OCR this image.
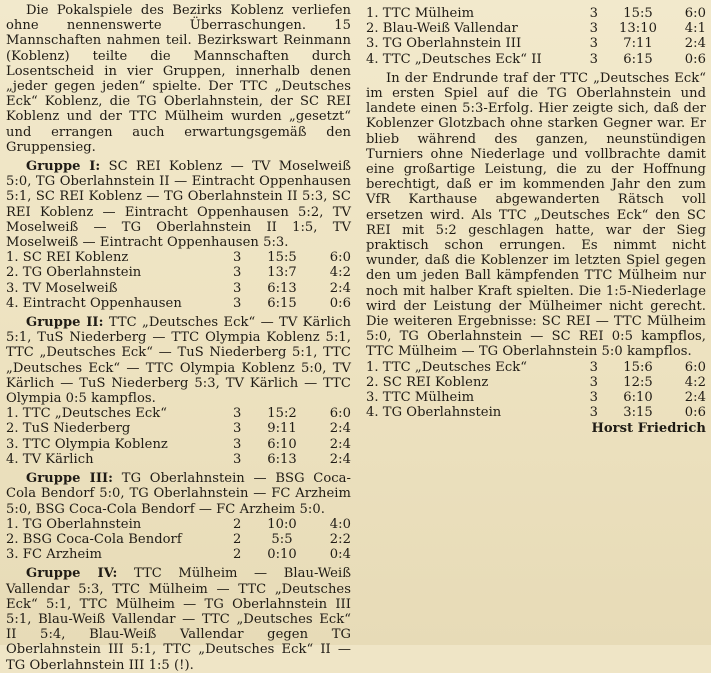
Die Pokalspiele des Bezirks Koblenz verliefen ohne nennenswerte Überraschungen. 15 Mannschaften nahmen teil. Bezirkswart Reinmann (Koblenz) teilte die Mannschaften durch Losentscheid in vier Gruppen, innerhalb denen „jeder gegen jeden“ spielte. Der TTC „Deutsches Eck“ Koblenz, die TG Oberlahnstein, der SC REI Koblenz und der TTC Mülheim wurden „gesetzt“ und errangen auch erwartungsgemäß den Gruppensieg.

Gruppe I: SC REI Koblenz — TV Moselweiß 5:0, TG Oberlahnstein II — Eintracht Oppenhausen 5:1, SC REI Koblenz — TG Oberlahnstein II 5:3, SC REI Koblenz — Eintracht Oppenhausen 5:2, TV Moselweiß — TG Oberlahnstein II 1:5, TV Moselweiß — Eintracht Oppenhausen 5:3.

1. SC REI Koblenz	3	15:5	6:0
2. TG Oberlahnstein	3	13:7	4:2
3. TV Moselweiß	3	6:13	2:4
4. Eintracht Oppenhausen	3	6:15	0:6

Gruppe II: TTC „Deutsches Eck“ — TV Kärlich 5:1, TuS Niederberg — TTC Olympia Koblenz 5:1, TTC „Deutsches Eck“ — TuS Niederberg 5:1, TTC „Deutsches Eck“ — TTC Olympia Koblenz 5:0, TV Kärlich — TuS Niederberg 5:3, TV Kärlich — TTC Olympia 0:5 kampflos.

1. TTC „Deutsches Eck“	3	15:2	6:0
2. TuS Niederberg	3	9:11	2:4
3. TTC Olympia Koblenz	3	6:10	2:4
4. TV Kärlich	3	6:13	2:4

Gruppe III: TG Oberlahnstein — BSG Coca-Cola Bendorf 5:0, TG Oberlahnstein — FC Arzheim 5:0, BSG Coca-Cola Bendorf — FC Arzheim 5:0.

1. TG Oberlahnstein	2	10:0	4:0
2. BSG Coca-Cola Bendorf	2	5:5	2:2
3. FC Arzheim	2	0:10	0:4

Gruppe IV: TTC Mülheim — Blau-Weiß Vallendar 5:3, TTC Mülheim — TTC „Deutsches Eck“ 5:1, TTC Mülheim — TG Oberlahnstein III 5:1, Blau-Weiß Vallendar — TTC „Deutsches Eck“ II 5:4, Blau-Weiß Vallendar gegen TG Oberlahnstein III 5:1, TTC „Deutsches Eck“ II — TG Oberlahnstein III 1:5 (!).

1. TTC Mülheim	3	15:5	6:0
2. Blau-Weiß Vallendar	3	13:10	4:1
3. TG Oberlahnstein III	3	7:11	2:4
4. TTC „Deutsches Eck“ II	3	6:15	0:6

In der Endrunde traf der TTC „Deutsches Eck“ im ersten Spiel auf die TG Oberlahnstein und landete einen 5:3-Erfolg. Hier zeigte sich, daß der Koblenzer Glotzbach ohne starken Gegner war. Er blieb während des ganzen, neunstündigen Turniers ohne Niederlage und vollbrachte damit eine großartige Leistung, die zu der Hoffnung berechtigt, daß er im kommenden Jahr den zum VfR Karthause abgewanderten Rätsch voll ersetzen wird. Als TTC „Deutsches Eck“ den SC REI mit 5:2 geschlagen hatte, war der Sieg praktisch schon errungen. Es nimmt nicht wunder, daß die Koblenzer im letzten Spiel gegen den um jeden Ball kämpfenden TTC Mülheim nur noch mit halber Kraft spielten. Die 1:5-Niederlage wird der Leistung der Mülheimer nicht gerecht. Die weiteren Ergebnisse: SC REI — TTC Mülheim 5:0, TG Oberlahnstein — SC REI 0:5 kampflos, TTC Mülheim — TG Oberlahnstein 5:0 kampflos.

1. TTC „Deutsches Eck“	3	15:6	6:0
2. SC REI Koblenz	3	12:5	4:2
3. TTC Mülheim	3	6:10	2:4
4. TG Oberlahnstein	3	3:15	0:6

Horst Friedrich
